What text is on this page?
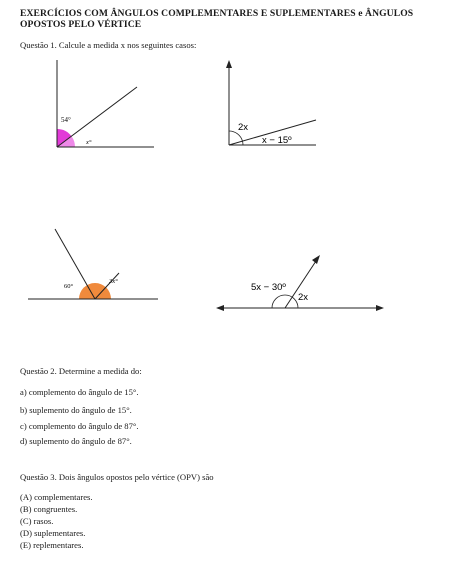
EXERCÍCIOS COM ÂNGULOS COMPLEMENTARES E SUPLEMENTARES e ÂNGULOS OPOSTOS PELO VÉRTICE
Questão 1. Calcule a medida x nos seguintes casos:
54°
x°
2x
x − 15º
60°
3x°
5x − 30º
2x
Questão 2. Determine a medida do:
a) complemento do ângulo de 15°.
b) suplemento do ângulo de 15°.
c) complemento do ângulo de 87°.
d) suplemento do ângulo de 87°.
Questão 3. Dois ângulos opostos pelo vértice (OPV) são
(A) complementares.
(B) congruentes.
(C) rasos.
(D) suplementares.
(E) replementares.
